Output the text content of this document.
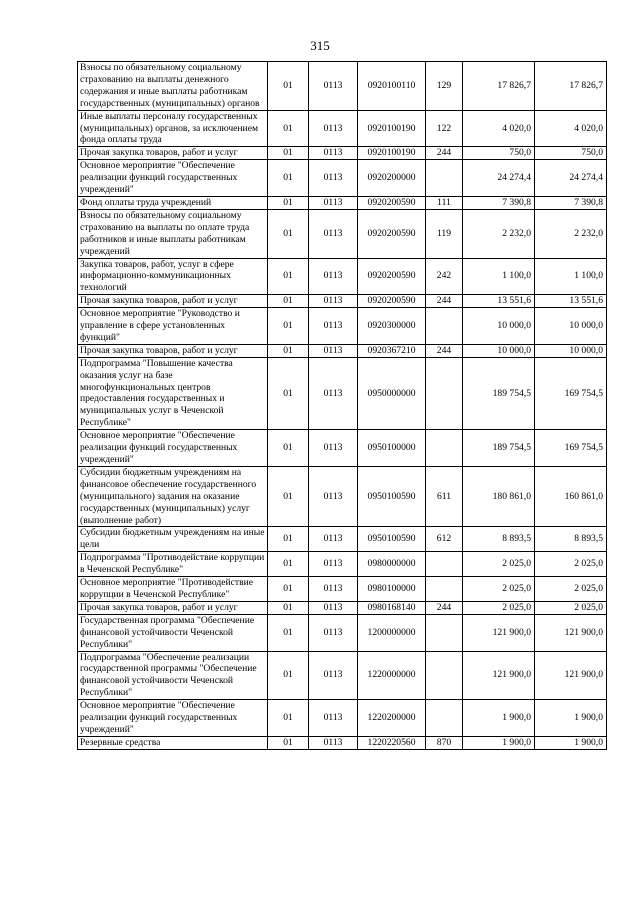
315
Взносы по обязательному социальному страхованию на выплаты денежного содержания и иные выплаты работникам государственных (муниципальных) органов	01	0113	0920100110	129	17 826,7	17 826,7
Иные выплаты персоналу государственных (муниципальных) органов, за исключением фонда оплаты труда	01	0113	0920100190	122	4 020,0	4 020,0
Прочая закупка товаров, работ и услуг	01	0113	0920100190	244	750,0	750,0
Основное мероприятие "Обеспечение реализации функций государственных учреждений"	01	0113	0920200000		24 274,4	24 274,4
Фонд оплаты труда учреждений	01	0113	0920200590	111	7 390,8	7 390,8
Взносы по обязательному социальному страхованию на выплаты по оплате труда работников и иные выплаты работникам учреждений	01	0113	0920200590	119	2 232,0	2 232,0
Закупка товаров, работ, услуг в сфере информационно-коммуникационных технологий	01	0113	0920200590	242	1 100,0	1 100,0
Прочая закупка товаров, работ и услуг	01	0113	0920200590	244	13 551,6	13 551,6
Основное мероприятие "Руководство и управление в сфере установленных функций"	01	0113	0920300000		10 000,0	10 000,0
Прочая закупка товаров, работ и услуг	01	0113	0920367210	244	10 000,0	10 000,0
Подпрограмма "Повышение качества оказания услуг на базе многофункциональных центров предоставления государственных и муниципальных услуг в Чеченской Республике"	01	0113	0950000000		189 754,5	169 754,5
Основное мероприятие "Обеспечение реализации функций государственных учреждений"	01	0113	0950100000		189 754,5	169 754,5
Субсидии бюджетным учреждениям на финансовое обеспечение государственного (муниципального) задания на оказание государственных (муниципальных) услуг (выполнение работ)	01	0113	0950100590	611	180 861,0	160 861,0
Субсидии бюджетным учреждениям на иные цели	01	0113	0950100590	612	8 893,5	8 893,5
Подпрограмма "Противодействие коррупции в Чеченской Республике"	01	0113	0980000000		2 025,0	2 025,0
Основное мероприятие "Противодействие коррупции в Чеченской Республике"	01	0113	0980100000		2 025,0	2 025,0
Прочая закупка товаров, работ и услуг	01	0113	0980168140	244	2 025,0	2 025,0
Государственная программа "Обеспечение финансовой устойчивости Чеченской Республики"	01	0113	1200000000		121 900,0	121 900,0
Подпрограмма "Обеспечение реализации государственной программы "Обеспечение финансовой устойчивости Чеченской Республики"	01	0113	1220000000		121 900,0	121 900,0
Основное мероприятие "Обеспечение реализации функций государственных учреждений"	01	0113	1220200000		1 900,0	1 900,0
Резервные средства	01	0113	1220220560	870	1 900,0	1 900,0
